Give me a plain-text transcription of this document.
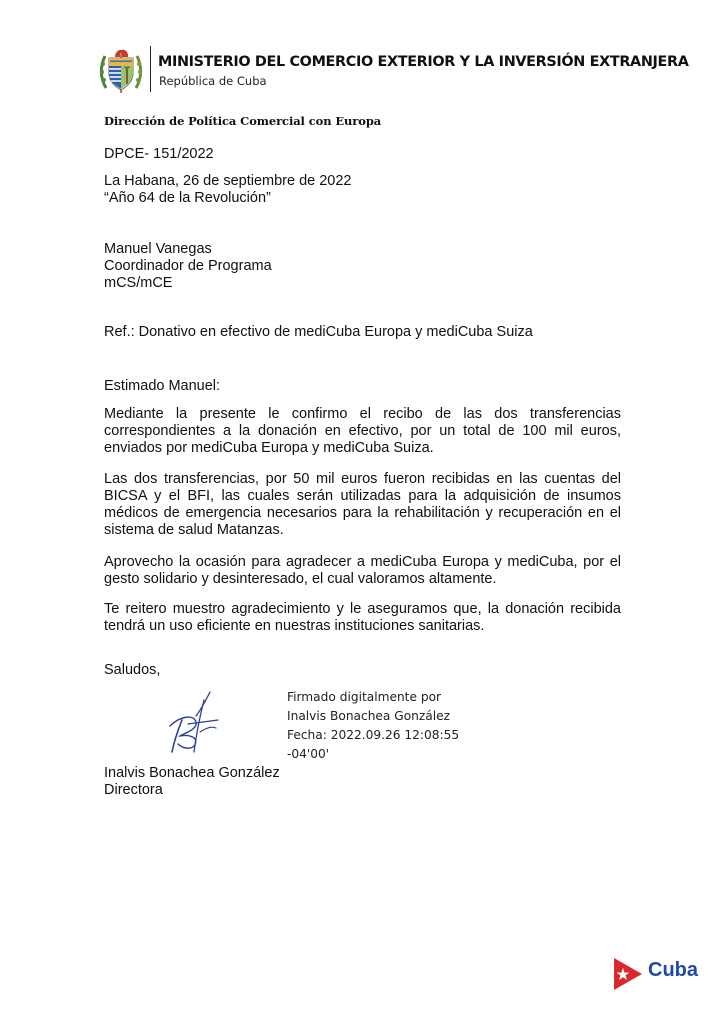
MINISTERIO DEL COMERCIO EXTERIOR Y LA INVERSIÓN EXTRANJERA
República de Cuba
Dirección de Política Comercial con Europa
DPCE- 151/2022
La Habana, 26 de septiembre de 2022
“Año 64 de la Revolución”
Manuel Vanegas
Coordinador de Programa
mCS/mCE
Ref.: Donativo en efectivo de mediCuba Europa y mediCuba Suiza
Estimado Manuel:
Mediante la presente le confirmo el recibo de las dos transferencias correspondientes a la donación en efectivo, por un total de 100 mil euros, enviados por mediCuba Europa y mediCuba Suiza.
Las dos transferencias, por 50 mil euros fueron recibidas en las cuentas del BICSA y el BFI, las cuales serán utilizadas para la adquisición de insumos médicos de emergencia necesarios para la rehabilitación y recuperación en el sistema de salud Matanzas.
Aprovecho la ocasión para agradecer a mediCuba Europa y mediCuba, por el gesto solidario y desinteresado, el cual valoramos altamente.
Te reitero muestro agradecimiento y le aseguramos que, la donación recibida tendrá un uso eficiente en nuestras instituciones sanitarias.
Saludos,
Firmado digitalmente por
Inalvis Bonachea González
Fecha: 2022.09.26 12:08:55
-04'00'
Inalvis Bonachea González
Directora
Cuba
